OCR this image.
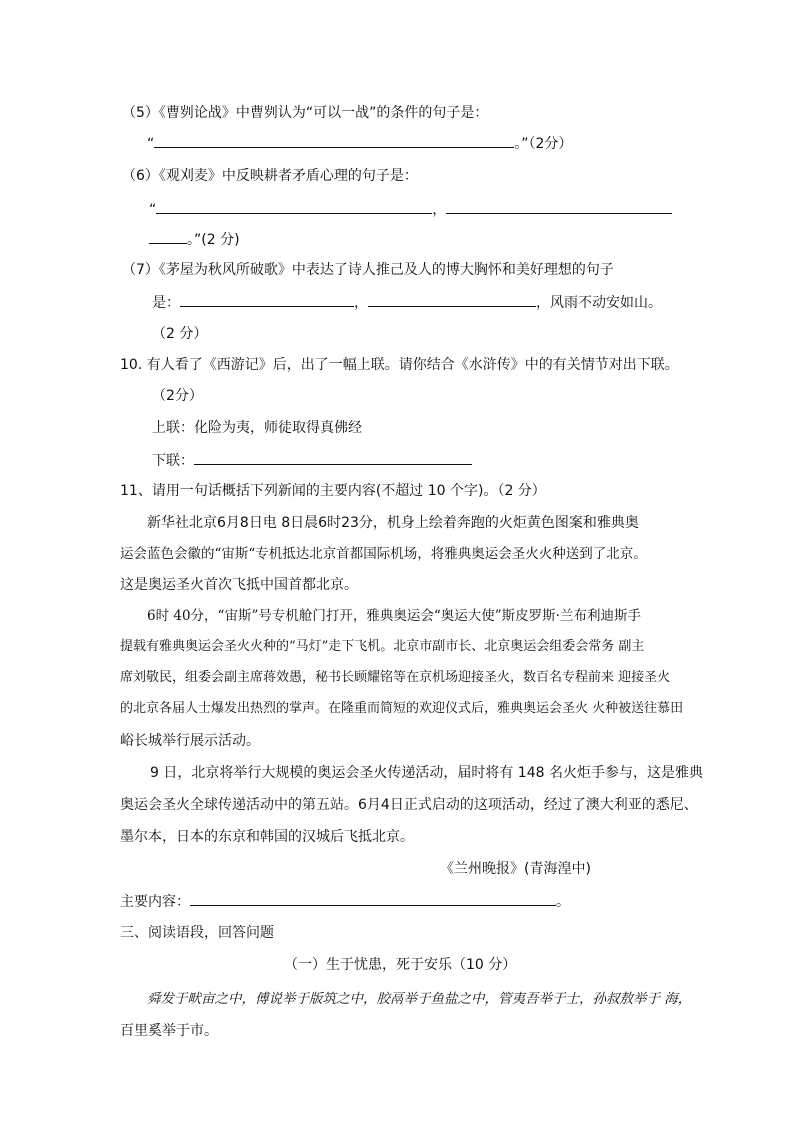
（5）《曹刿论战》中曹刿认为“可以一战”的条件的句子是：
“	。”（2分）
（6）《观刈麦》中反映耕者矛盾心理的句子是：
“	，
。”(2 分)
（7）《茅屋为秋风所破歌》中表达了诗人推己及人的博大胸怀和美好理想的句子
是：	，	，风雨不动安如山。
（2 分）
10. 有人看了《西游记》后，出了一幅上联。请你结合《水浒传》中的有关情节对出下联。
（2分）
上联：化险为夷，师徒取得真佛经
下联：
11、请用一句话概括下列新闻的主要内容(不超过 10 个字)。（2 分）
新华社北京6月8日电 8日晨6时23分，机身上绘着奔跑的火炬黄色图案和雅典奥
运会蓝色会徽的“宙斯“专机抵达北京首都国际机场，将雅典奥运会圣火火种送到了北京。
这是奥运圣火首次飞抵中国首都北京。
6时 40分，“宙斯”号专机舱门打开，雅典奥运会“奥运大使”斯皮罗斯·兰布利迪斯手
提载有雅典奥运会圣火火种的“马灯”走下飞机。北京市副市长、北京奥运会组委会常务 副主
席刘敬民，组委会副主席蒋效愚，秘书长顾耀铭等在京机场迎接圣火，数百名专程前来 迎接圣火
的北京各届人士爆发出热烈的掌声。在隆重而简短的欢迎仪式后，雅典奥运会圣火 火种被送往慕田
峪长城举行展示活动。
9 日，北京将举行大规模的奥运会圣火传递活动，届时将有 148 名火炬手参与，这是雅典
奥运会圣火全球传递活动中的第五站。6月4日正式启动的这项活动，经过了澳大利亚的悉尼、
墨尔本，日本的东京和韩国的汉城后飞抵北京。
《兰州晚报》(青海湟中)
主要内容：	。
三、阅读语段，回答问题
（一）生于忧患，死于安乐（10 分）
舜发于畎亩之中，傅说举于版筑之中，胶鬲举于鱼盐之中，管夷吾举于士，孙叔敖举于 海，
百里奚举于市。
